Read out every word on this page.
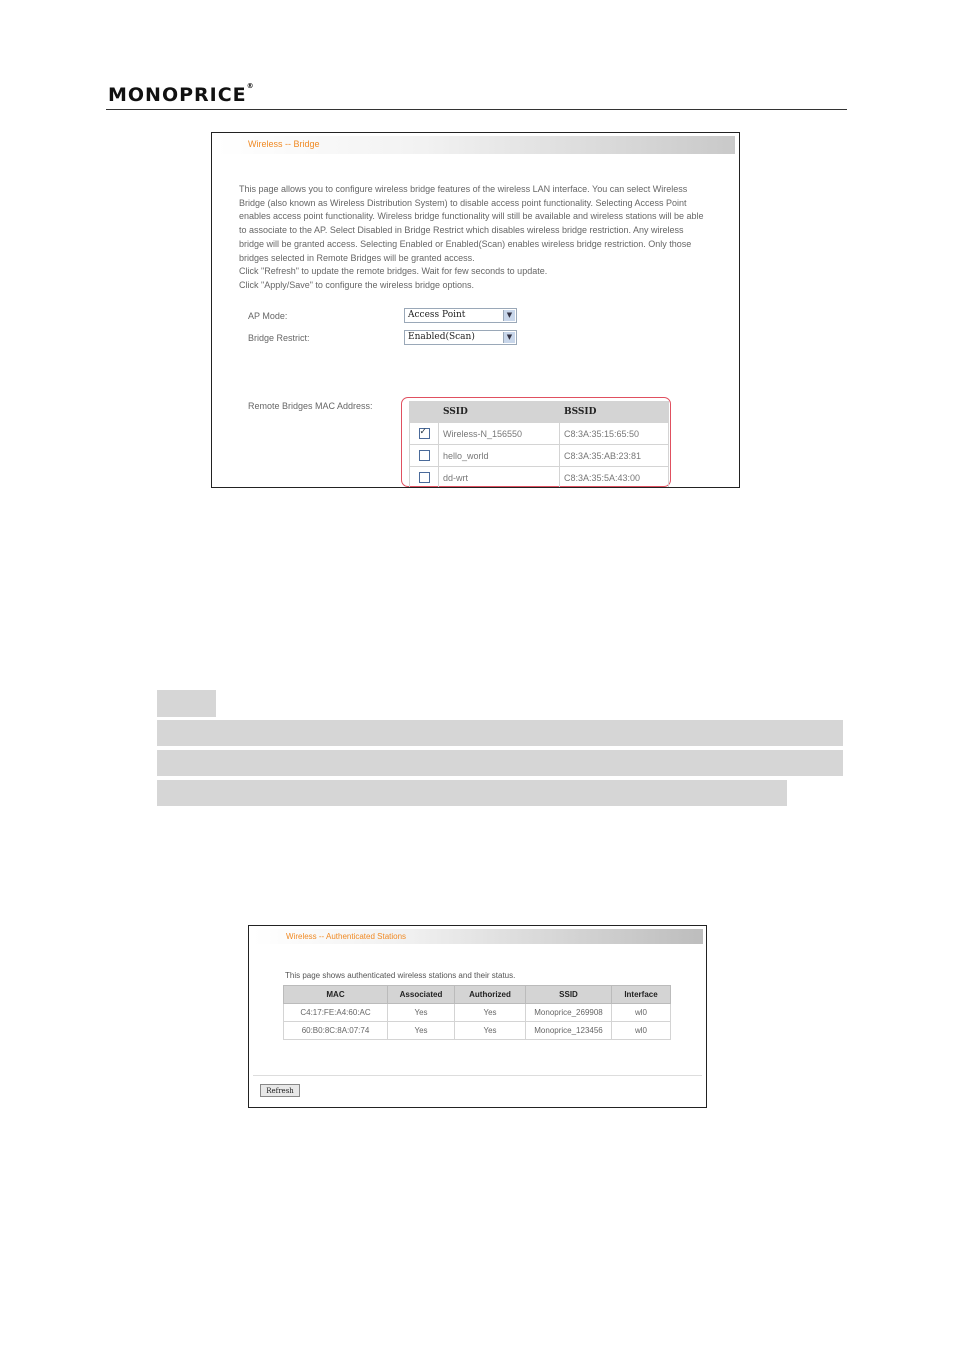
MONOPRICE®
Wireless -- Bridge
This page allows you to configure wireless bridge features of the wireless LAN interface. You can select Wireless Bridge (also known as Wireless Distribution System) to disable access point functionality. Selecting Access Point enables access point functionality. Wireless bridge functionality will still be available and wireless stations will be able to associate to the AP. Select Disabled in Bridge Restrict which disables wireless bridge restriction. Any wireless bridge will be granted access. Selecting Enabled or Enabled(Scan) enables wireless bridge restriction. Only those bridges selected in Remote Bridges will be granted access.
Click "Refresh" to update the remote bridges. Wait for few seconds to update.
Click "Apply/Save" to configure the wireless bridge options.
AP Mode:	Access Point	▼
Bridge Restrict:	Enabled(Scan)	▼
Remote Bridges MAC Address:
	SSID	BSSID
✓	Wireless-N_156550	C8:3A:35:15:65:50
	hello_world	C8:3A:35:AB:23:81
	dd-wrt	C8:3A:35:5A:43:00
Wireless -- Authenticated Stations
This page shows authenticated wireless stations and their status.
MAC	Associated	Authorized	SSID	Interface
C4:17:FE:A4:60:AC	Yes	Yes	Monoprice_269908	wl0
60:B0:8C:8A:07:74	Yes	Yes	Monoprice_123456	wl0
Refresh
